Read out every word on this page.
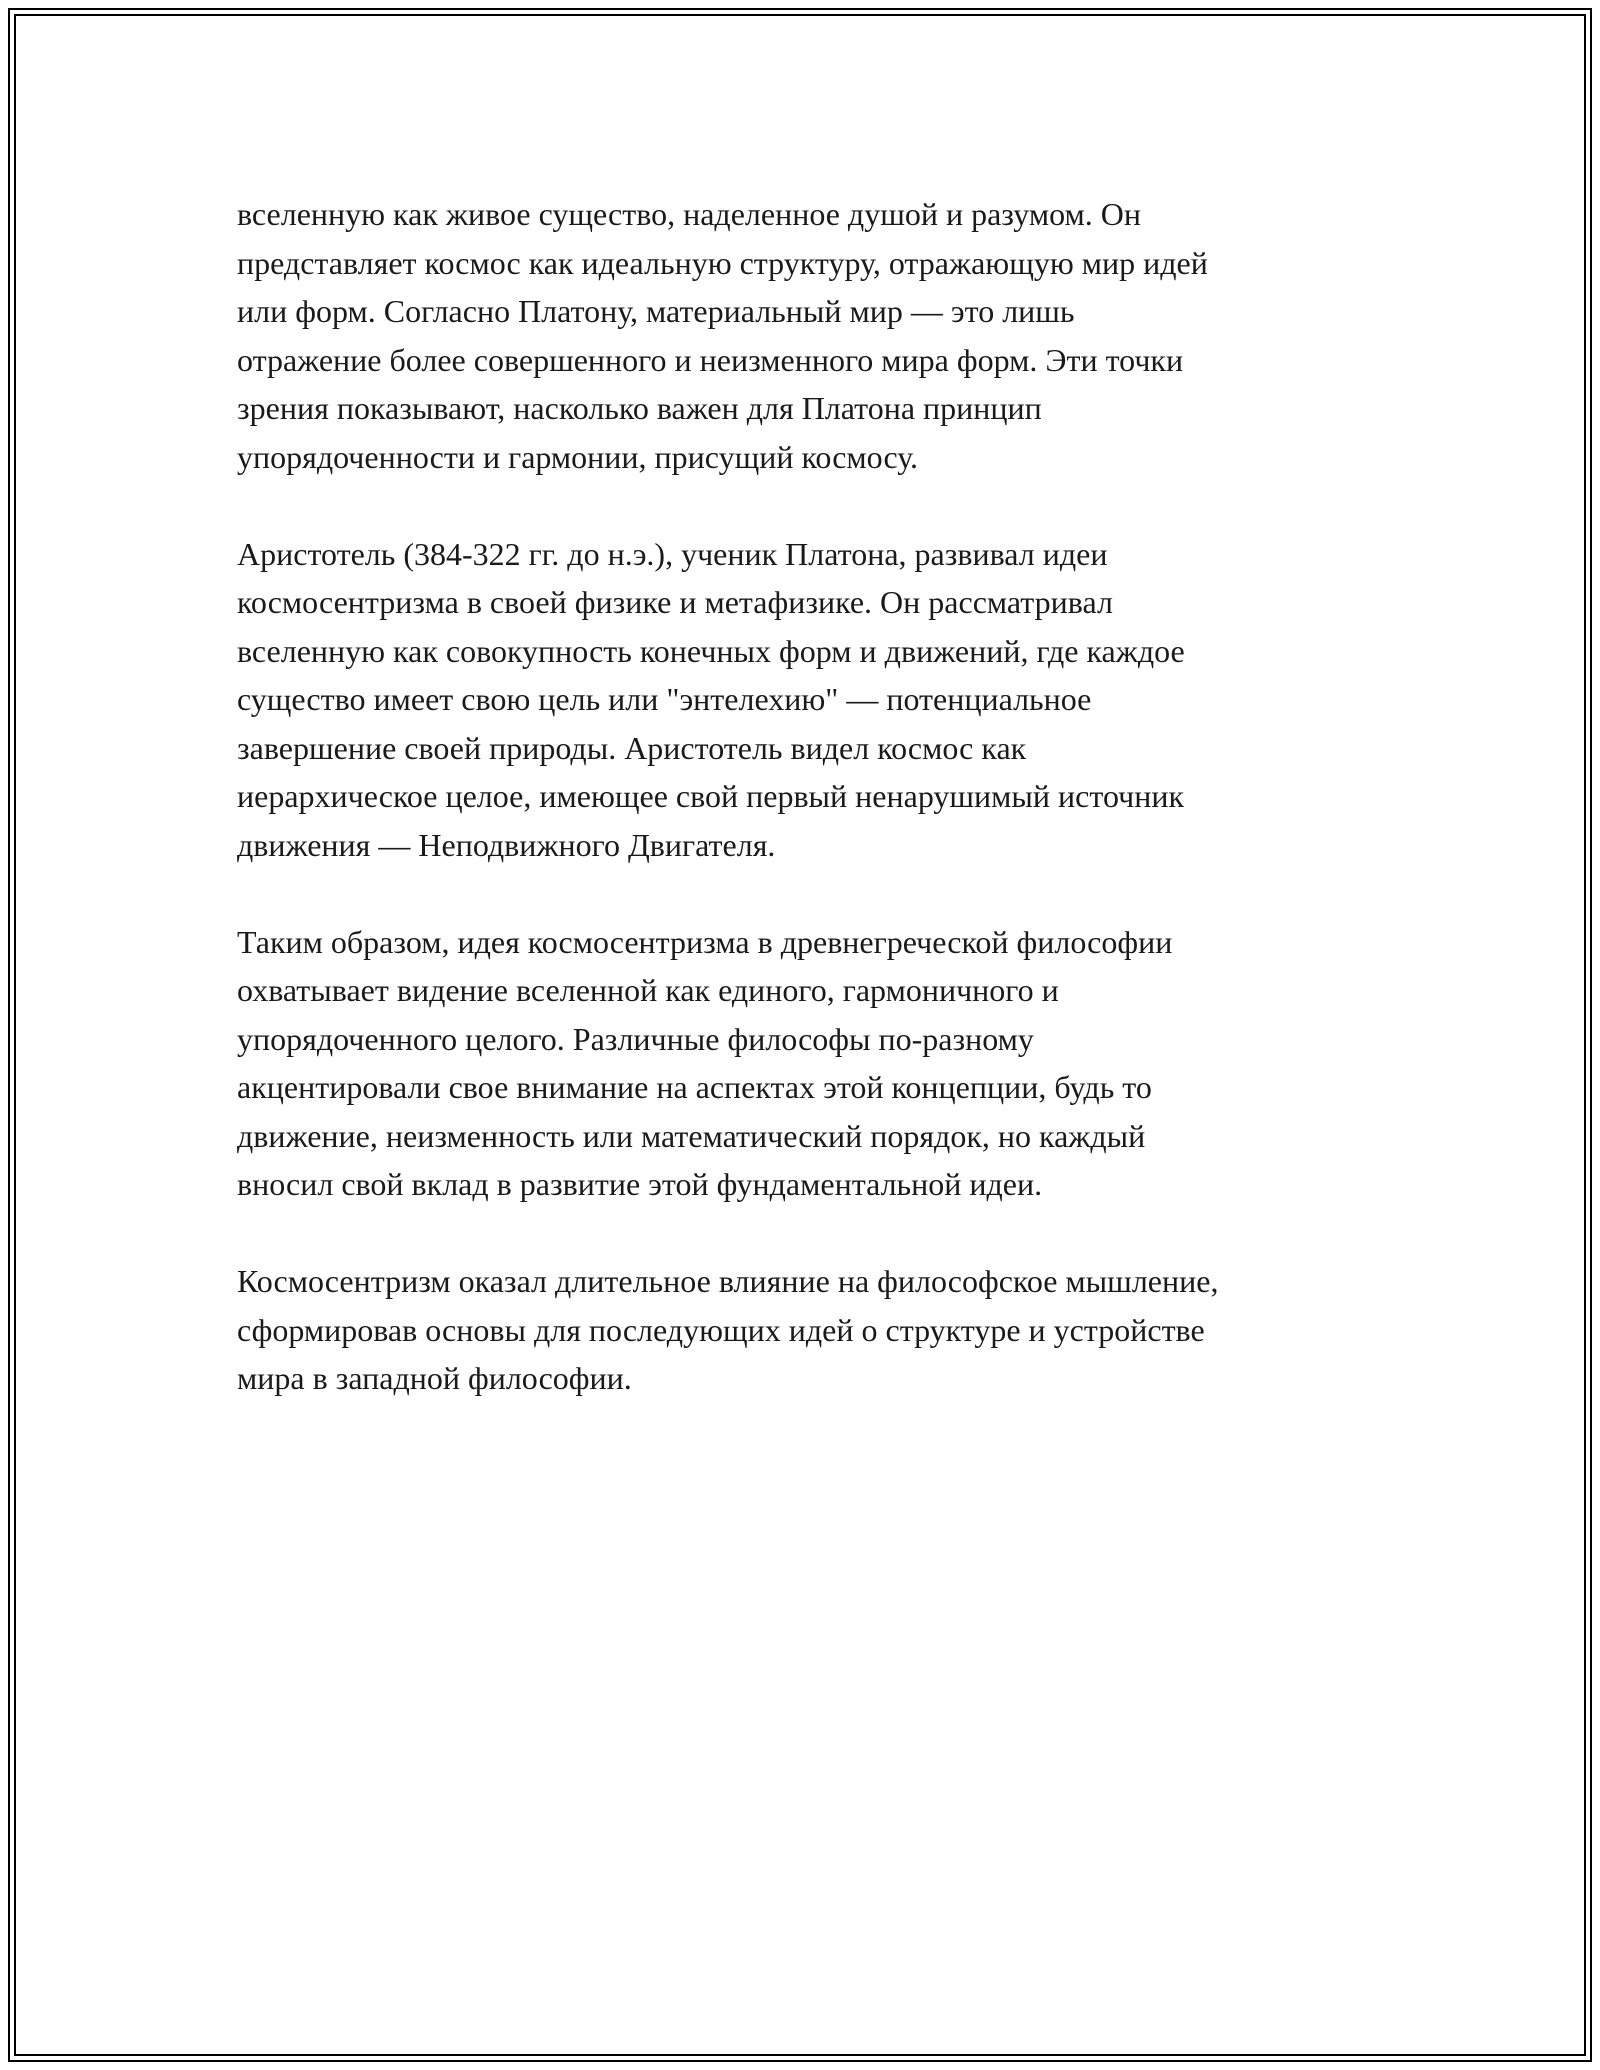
вселенную как живое существо, наделенное душой и разумом. Он
представляет космос как идеальную структуру, отражающую мир идей
или форм. Согласно Платону, материальный мир — это лишь
отражение более совершенного и неизменного мира форм. Эти точки
зрения показывают, насколько важен для Платона принцип
упорядоченности и гармонии, присущий космосу.

Аристотель (384-322 гг. до н.э.), ученик Платона, развивал идеи
космосентризма в своей физике и метафизике. Он рассматривал
вселенную как совокупность конечных форм и движений, где каждое
существо имеет свою цель или "энтелехию" — потенциальное
завершение своей природы. Аристотель видел космос как
иерархическое целое, имеющее свой первый ненарушимый источник
движения — Неподвижного Двигателя.

Таким образом, идея космосентризма в древнегреческой философии
охватывает видение вселенной как единого, гармоничного и
упорядоченного целого. Различные философы по-разному
акцентировали свое внимание на аспектах этой концепции, будь то
движение, неизменность или математический порядок, но каждый
вносил свой вклад в развитие этой фундаментальной идеи.

Космосентризм оказал длительное влияние на философское мышление,
сформировав основы для последующих идей о структуре и устройстве
мира в западной философии.
